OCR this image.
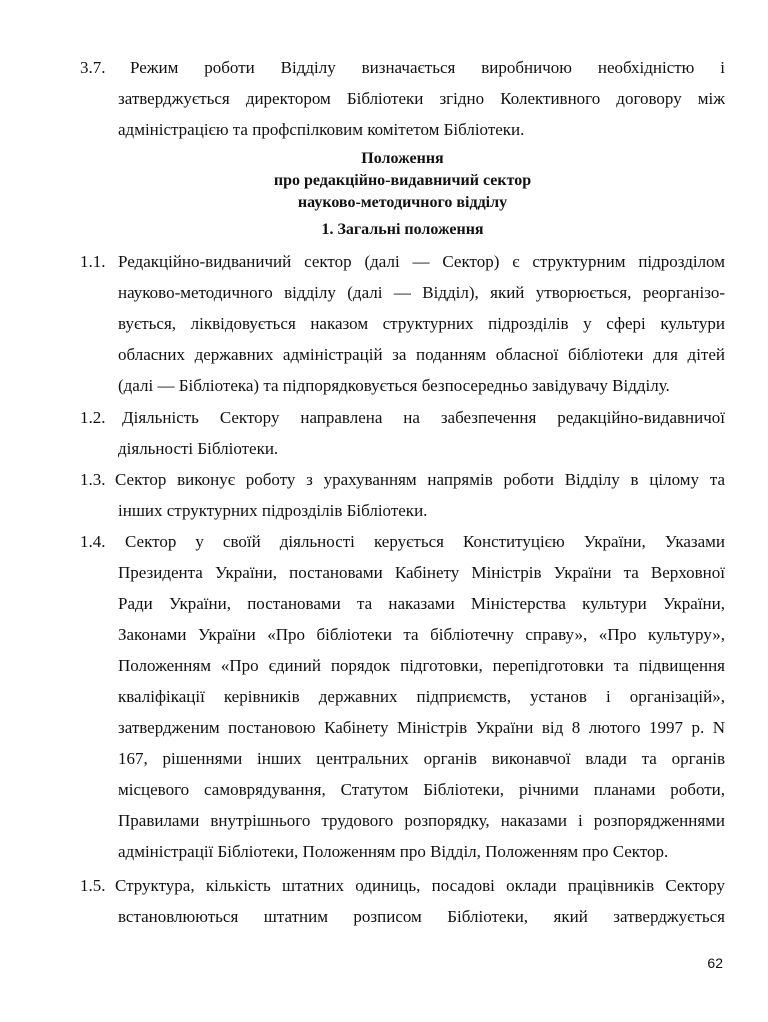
3.7.	Режим роботи Відділу визначається виробничою необхідністю і
затверджується директором Бібліотеки згідно Колективного договору між
адміністрацією та профспілковим комітетом Бібліотеки.
Положення
про редакційно-видавничий сектор
науково-методичного відділу
1. Загальні положення
1.1. Редакційно-видваничий сектор (далі — Сектор) є структурним підрозділом
науково-методичного відділу (далі — Відділ), який утворюється, реорганізо-
вується, ліквідовується наказом структурних підрозділів у сфері культури
обласних державних адміністрацій за поданням обласної бібліотеки для дітей
(далі — Бібліотека) та підпорядковується безпосередньо завідувачу Відділу.
1.2. Діяльність Сектору направлена на забезпечення редакційно-видавничої
діяльності Бібліотеки.
1.3. Сектор виконує роботу з урахуванням напрямів роботи Відділу в цілому та
інших структурних підрозділів Бібліотеки.
1.4.	Сектор у своїй діяльності керується Конституцією України, Указами
Президента України, постановами Кабінету Міністрів України та Верховної
Ради України, постановами та наказами Міністерства культури України,
Законами України «Про бібліотеки та бібліотечну справу», «Про культуру»,
Положенням «Про єдиний порядок підготовки, перепідготовки та підвищення
кваліфікації керівників державних підприємств, установ і організацій»,
затвердженим постановою Кабінету Міністрів України від 8 лютого 1997 р. N
167, рішеннями інших центральних органів виконавчої влади та органів
місцевого самоврядування, Статутом Бібліотеки, річними планами роботи,
Правилами внутрішнього трудового розпорядку, наказами і розпорядженнями
адміністрації Бібліотеки, Положенням про Відділ, Положенням про Сектор.
1.5. Структура, кількість штатних одиниць, посадові оклади працівників Сектору
встановлюються штатним розписом Бібліотеки, який затверджується
62
